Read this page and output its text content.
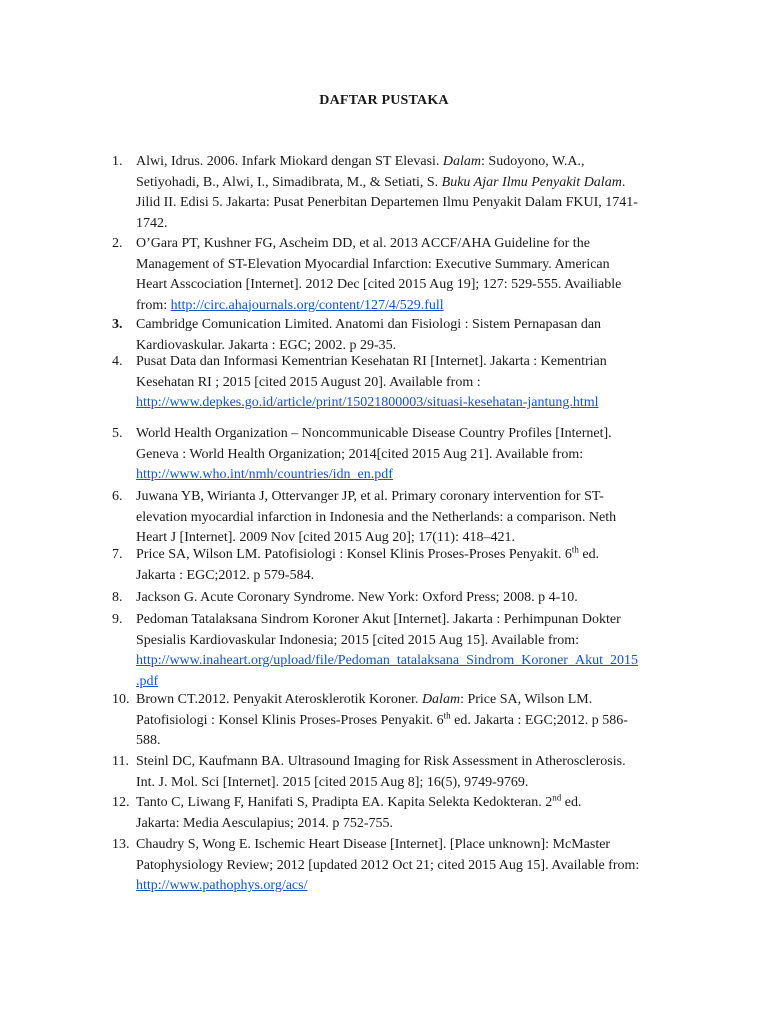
DAFTAR PUSTAKA
1. Alwi, Idrus. 2006. Infark Miokard dengan ST Elevasi. Dalam: Sudoyono, W.A.,
Setiyohadi, B., Alwi, I., Simadibrata, M., & Setiati, S. Buku Ajar Ilmu Penyakit Dalam.
Jilid II. Edisi 5. Jakarta: Pusat Penerbitan Departemen Ilmu Penyakit Dalam FKUI, 1741-
1742.
2. O’Gara PT, Kushner FG, Ascheim DD, et al. 2013 ACCF/AHA Guideline for the
Management of ST-Elevation Myocardial Infarction: Executive Summary. American
Heart Asscociation [Internet]. 2012 Dec [cited 2015 Aug 19]; 127: 529-555. Availiable
from: http://circ.ahajournals.org/content/127/4/529.full
3. Cambridge Comunication Limited. Anatomi dan Fisiologi : Sistem Pernapasan dan
Kardiovaskular. Jakarta : EGC; 2002. p 29-35.
4. Pusat Data dan Informasi Kementrian Kesehatan RI [Internet]. Jakarta : Kementrian
Kesehatan RI ; 2015 [cited 2015 August 20]. Available from :
http://www.depkes.go.id/article/print/15021800003/situasi-kesehatan-jantung.html
5. World Health Organization – Noncommunicable Disease Country Profiles [Internet].
Geneva : World Health Organization; 2014[cited 2015 Aug 21]. Available from:
http://www.who.int/nmh/countries/idn_en.pdf
6. Juwana YB, Wirianta J, Ottervanger JP, et al. Primary coronary intervention for ST-
elevation myocardial infarction in Indonesia and the Netherlands: a comparison. Neth
Heart J [Internet]. 2009 Nov [cited 2015 Aug 20]; 17(11): 418–421.
7. Price SA, Wilson LM. Patofisiologi : Konsel Klinis Proses-Proses Penyakit. 6th ed.
Jakarta : EGC;2012. p 579-584.
8. Jackson G. Acute Coronary Syndrome. New York: Oxford Press; 2008. p 4-10.
9. Pedoman Tatalaksana Sindrom Koroner Akut [Internet]. Jakarta : Perhimpunan Dokter
Spesialis Kardiovaskular Indonesia; 2015 [cited 2015 Aug 15]. Available from:
http://www.inaheart.org/upload/file/Pedoman_tatalaksana_Sindrom_Koroner_Akut_2015
.pdf
10. Brown CT.2012. Penyakit Aterosklerotik Koroner. Dalam: Price SA, Wilson LM.
Patofisiologi : Konsel Klinis Proses-Proses Penyakit. 6th ed. Jakarta : EGC;2012. p 586-
588.
11. Steinl DC, Kaufmann BA. Ultrasound Imaging for Risk Assessment in Atherosclerosis.
Int. J. Mol. Sci [Internet]. 2015 [cited 2015 Aug 8]; 16(5), 9749-9769.
12. Tanto C, Liwang F, Hanifati S, Pradipta EA. Kapita Selekta Kedokteran. 2nd ed.
Jakarta: Media Aesculapius; 2014. p 752-755.
13. Chaudry S, Wong E. Ischemic Heart Disease [Internet]. [Place unknown]: McMaster
Patophysiology Review; 2012 [updated 2012 Oct 21; cited 2015 Aug 15]. Available from:
http://www.pathophys.org/acs/
